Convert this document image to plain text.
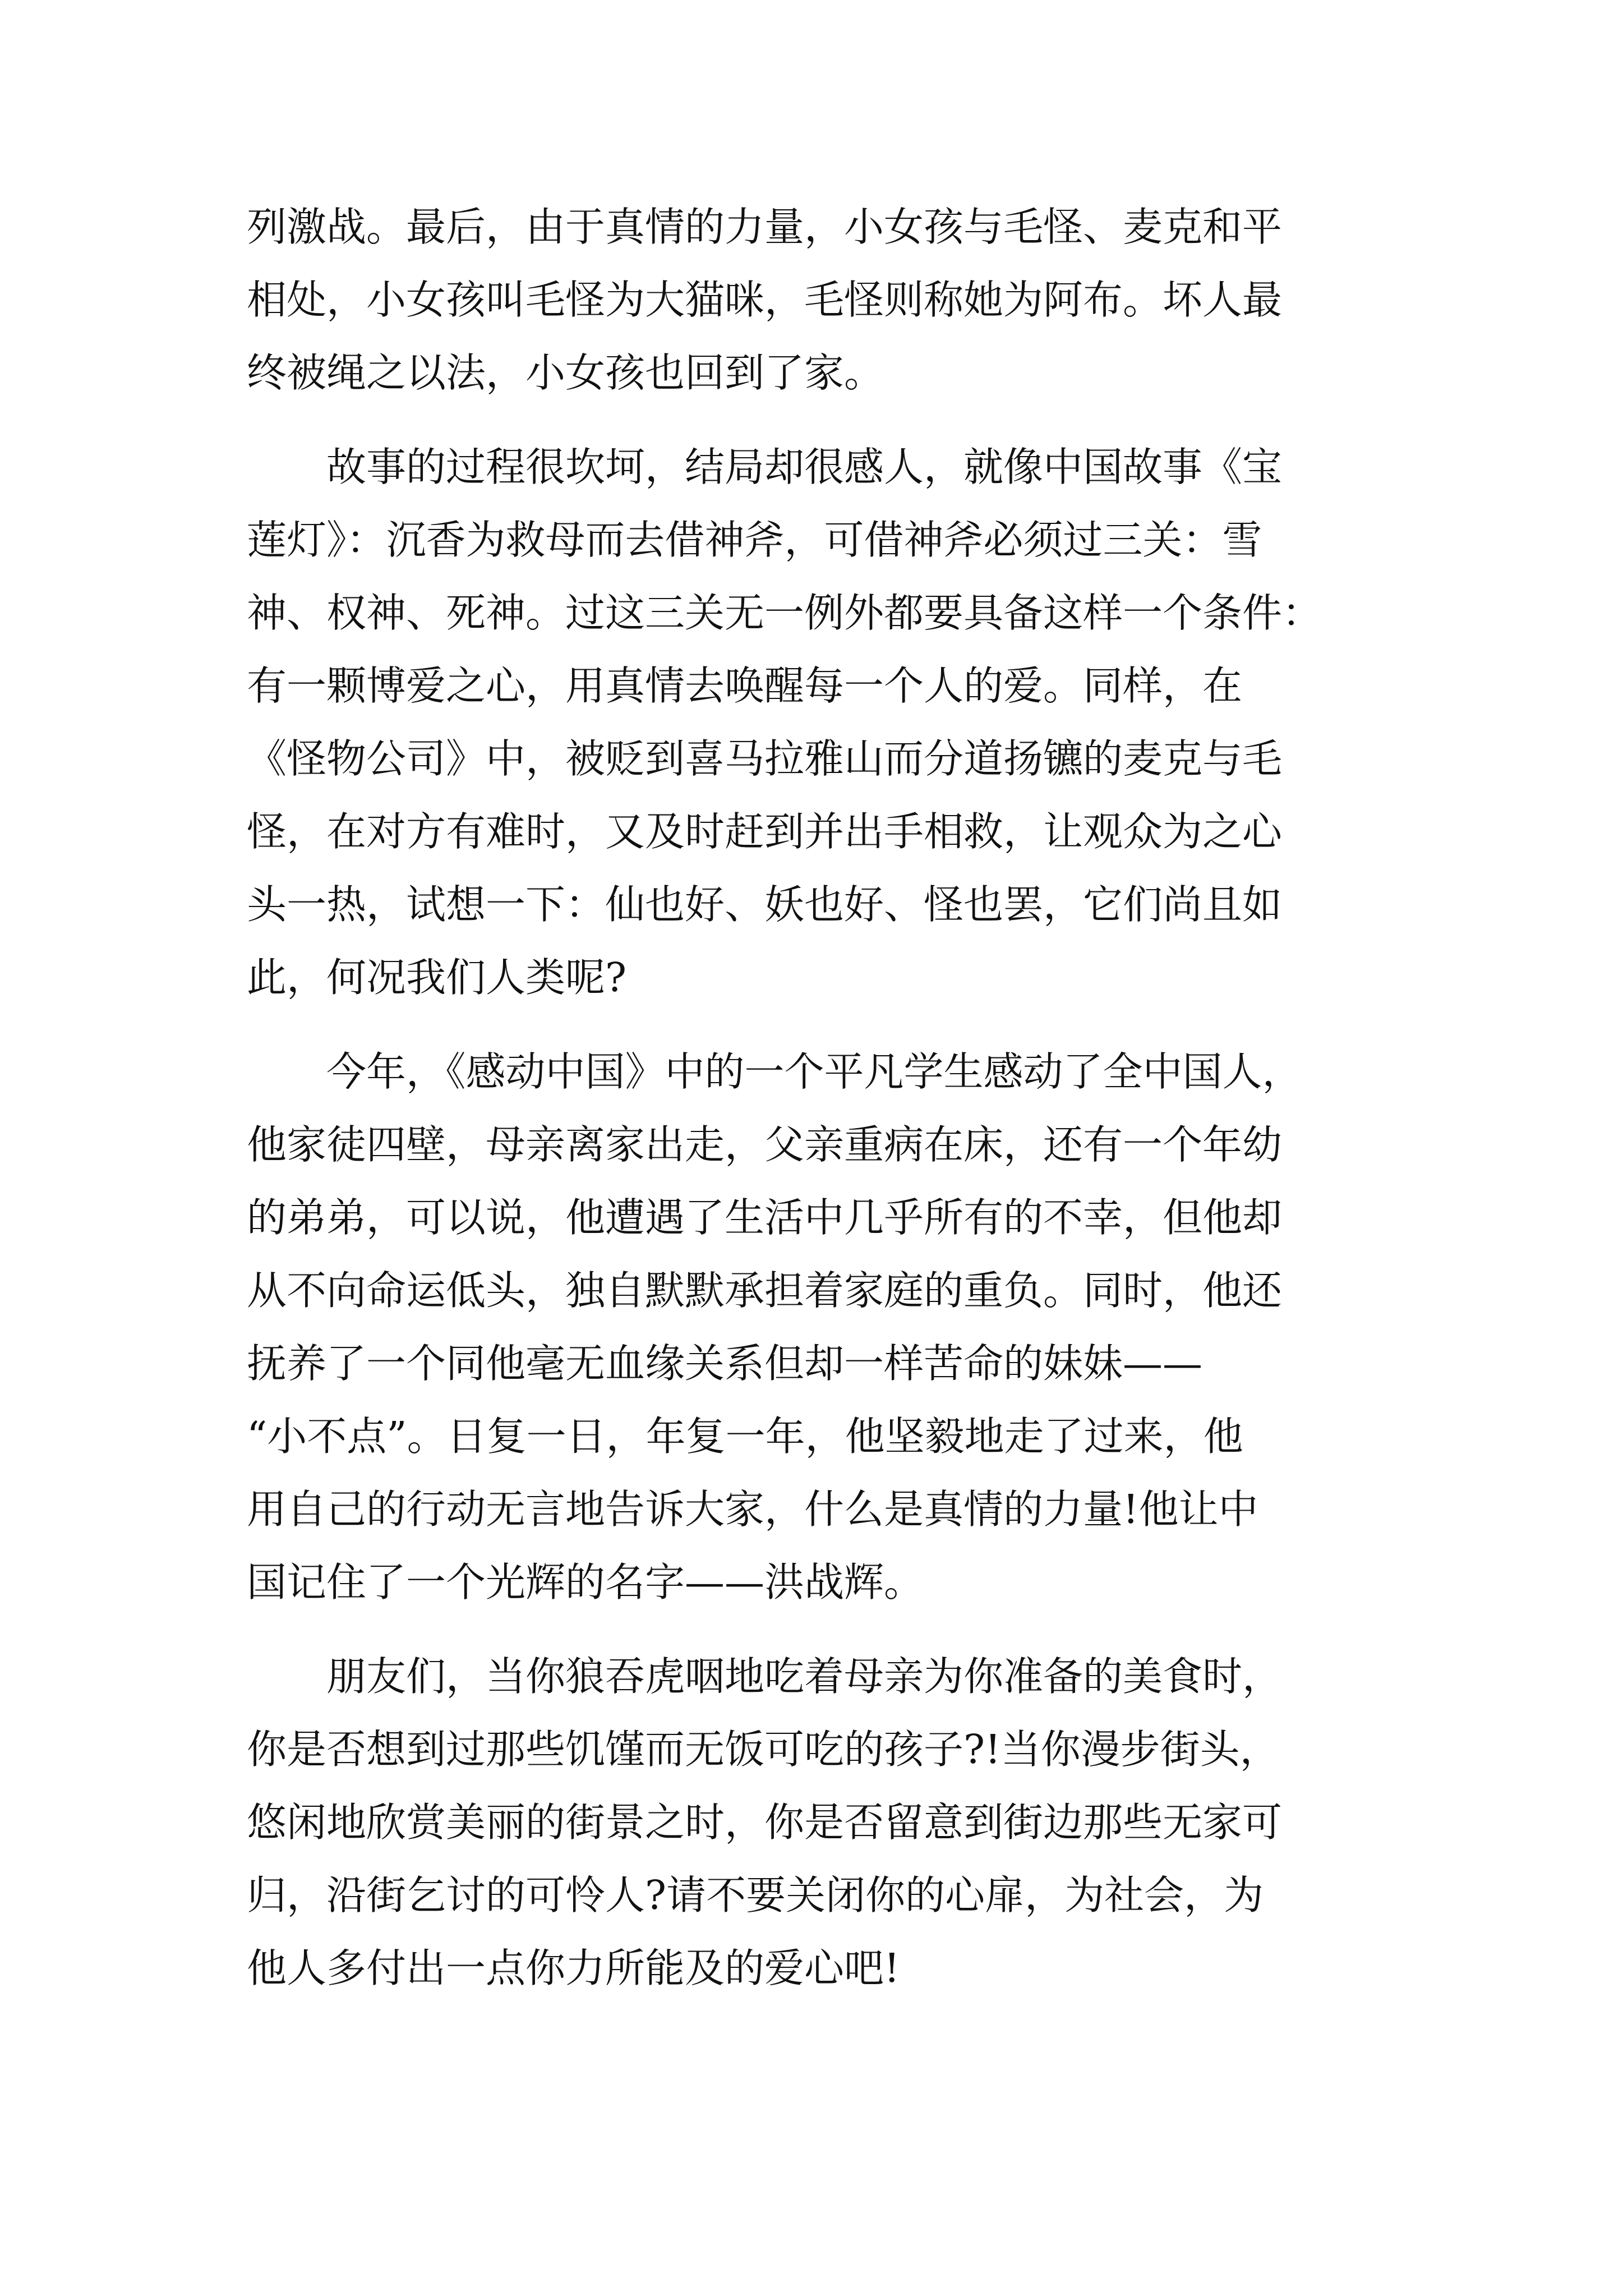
列激战。最后，由于真情的力量，小女孩与毛怪、麦克和平
相处，小女孩叫毛怪为大猫咪，毛怪则称她为阿布。坏人最
终被绳之以法，小女孩也回到了家。
　　故事的过程很坎坷，结局却很感人，就像中国故事《宝
莲灯》：沉香为救母而去借神斧，可借神斧必须过三关：雪
神、权神、死神。过这三关无一例外都要具备这样一个条件：
有一颗博爱之心，用真情去唤醒每一个人的爱。同样，在
《怪物公司》中，被贬到喜马拉雅山而分道扬镳的麦克与毛
怪，在对方有难时，又及时赶到并出手相救，让观众为之心
头一热，试想一下：仙也好、妖也好、怪也罢，它们尚且如
此，何况我们人类呢?
　　今年，《感动中国》中的一个平凡学生感动了全中国人，
他家徒四壁，母亲离家出走，父亲重病在床，还有一个年幼
的弟弟，可以说，他遭遇了生活中几乎所有的不幸，但他却
从不向命运低头，独自默默承担着家庭的重负。同时，他还
抚养了一个同他毫无血缘关系但却一样苦命的妹妹——
“小不点”。日复一日，年复一年，他坚毅地走了过来，他
用自己的行动无言地告诉大家，什么是真情的力量!他让中
国记住了一个光辉的名字——洪战辉。
　　朋友们，当你狼吞虎咽地吃着母亲为你准备的美食时，
你是否想到过那些饥馑而无饭可吃的孩子?!当你漫步街头，
悠闲地欣赏美丽的街景之时，你是否留意到街边那些无家可
归，沿街乞讨的可怜人?请不要关闭你的心扉，为社会，为
他人多付出一点你力所能及的爱心吧!
